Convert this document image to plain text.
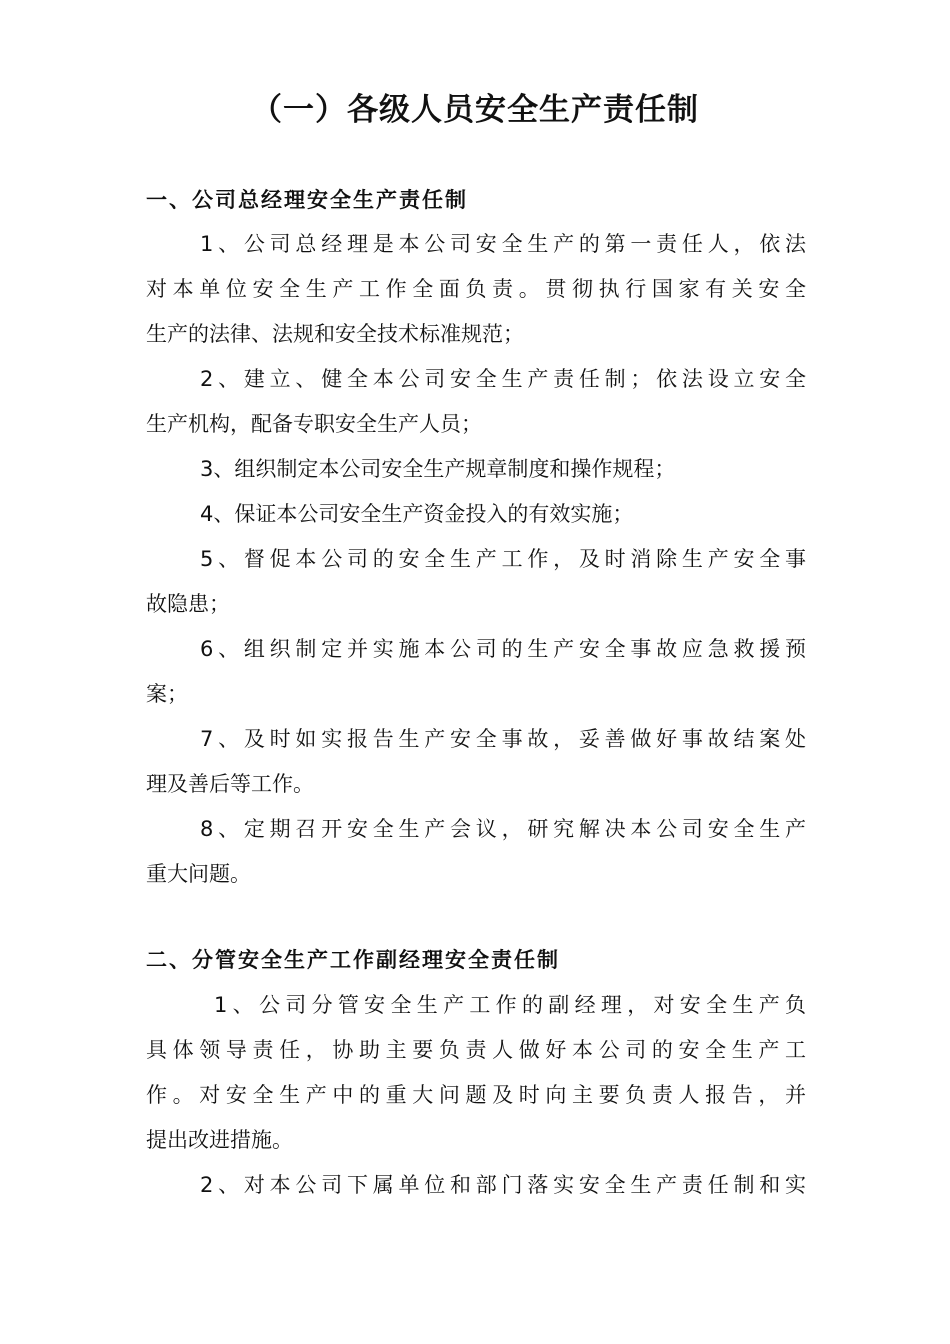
（一）各级人员安全生产责任制
一、公司总经理安全生产责任制
1、公司总经理是本公司安全生产的第一责任人，依法
对本单位安全生产工作全面负责。贯彻执行国家有关安全
生产的法律、法规和安全技术标准规范；
2、建立、健全本公司安全生产责任制；依法设立安全
生产机构，配备专职安全生产人员；
3、组织制定本公司安全生产规章制度和操作规程；
4、保证本公司安全生产资金投入的有效实施；
5、督促本公司的安全生产工作，及时消除生产安全事
故隐患；
6、组织制定并实施本公司的生产安全事故应急救援预
案；
7、及时如实报告生产安全事故，妥善做好事故结案处
理及善后等工作。
8、定期召开安全生产会议，研究解决本公司安全生产
重大问题。
二、分管安全生产工作副经理安全责任制
1、公司分管安全生产工作的副经理，对安全生产负
具体领导责任，协助主要负责人做好本公司的安全生产工
作。对安全生产中的重大问题及时向主要负责人报告，并
提出改进措施。
2、对本公司下属单位和部门落实安全生产责任制和实
